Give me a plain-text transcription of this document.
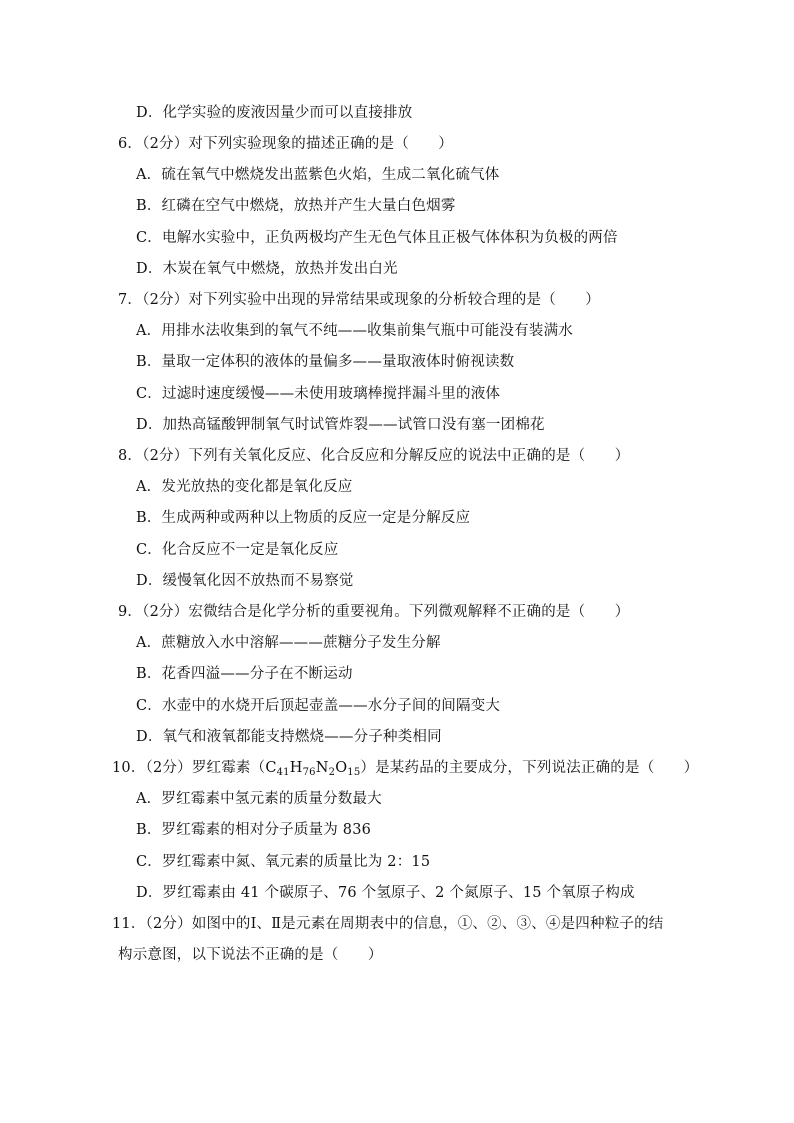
D．化学实验的废液因量少而可以直接排放
6．（2分）对下列实验现象的描述正确的是（　　）
A．硫在氧气中燃烧发出蓝紫色火焰，生成二氧化硫气体
B．红磷在空气中燃烧，放热并产生大量白色烟雾
C．电解水实验中，正负两极均产生无色气体且正极气体体积为负极的两倍
D．木炭在氧气中燃烧，放热并发出白光
7．（2分）对下列实验中出现的异常结果或现象的分析较合理的是（　　）
A．用排水法收集到的氧气不纯——收集前集气瓶中可能没有装满水
B．量取一定体积的液体的量偏多——量取液体时俯视读数
C．过滤时速度缓慢——未使用玻璃棒搅拌漏斗里的液体
D．加热高锰酸钾制氧气时试管炸裂——试管口没有塞一团棉花
8．（2分）下列有关氧化反应、化合反应和分解反应的说法中正确的是（　　）
A．发光放热的变化都是氧化反应
B．生成两种或两种以上物质的反应一定是分解反应
C．化合反应不一定是氧化反应
D．缓慢氧化因不放热而不易察觉
9．（2分）宏微结合是化学分析的重要视角。下列微观解释不正确的是（　　）
A．蔗糖放入水中溶解———蔗糖分子发生分解
B．花香四溢——分子在不断运动
C．水壶中的水烧开后顶起壶盖——水分子间的间隔变大
D．氧气和液氧都能支持燃烧——分子种类相同
10．（2分）罗红霉素$(C_{41}H_{76}N_2O_{15})$是某药品的主要成分，下列说法正确的是（　　）
A．罗红霉素中氢元素的质量分数最大
B．罗红霉素的相对分子质量为 836
C．罗红霉素中氮、氧元素的质量比为 2：15
D．罗红霉素由 41 个碳原子、76 个氢原子、2 个氮原子、15 个氧原子构成
11．（2分）如图中的Ⅰ、Ⅱ是元素在周期表中的信息，①、②、③、④是四种粒子的结
构示意图，以下说法不正确的是（　　）
